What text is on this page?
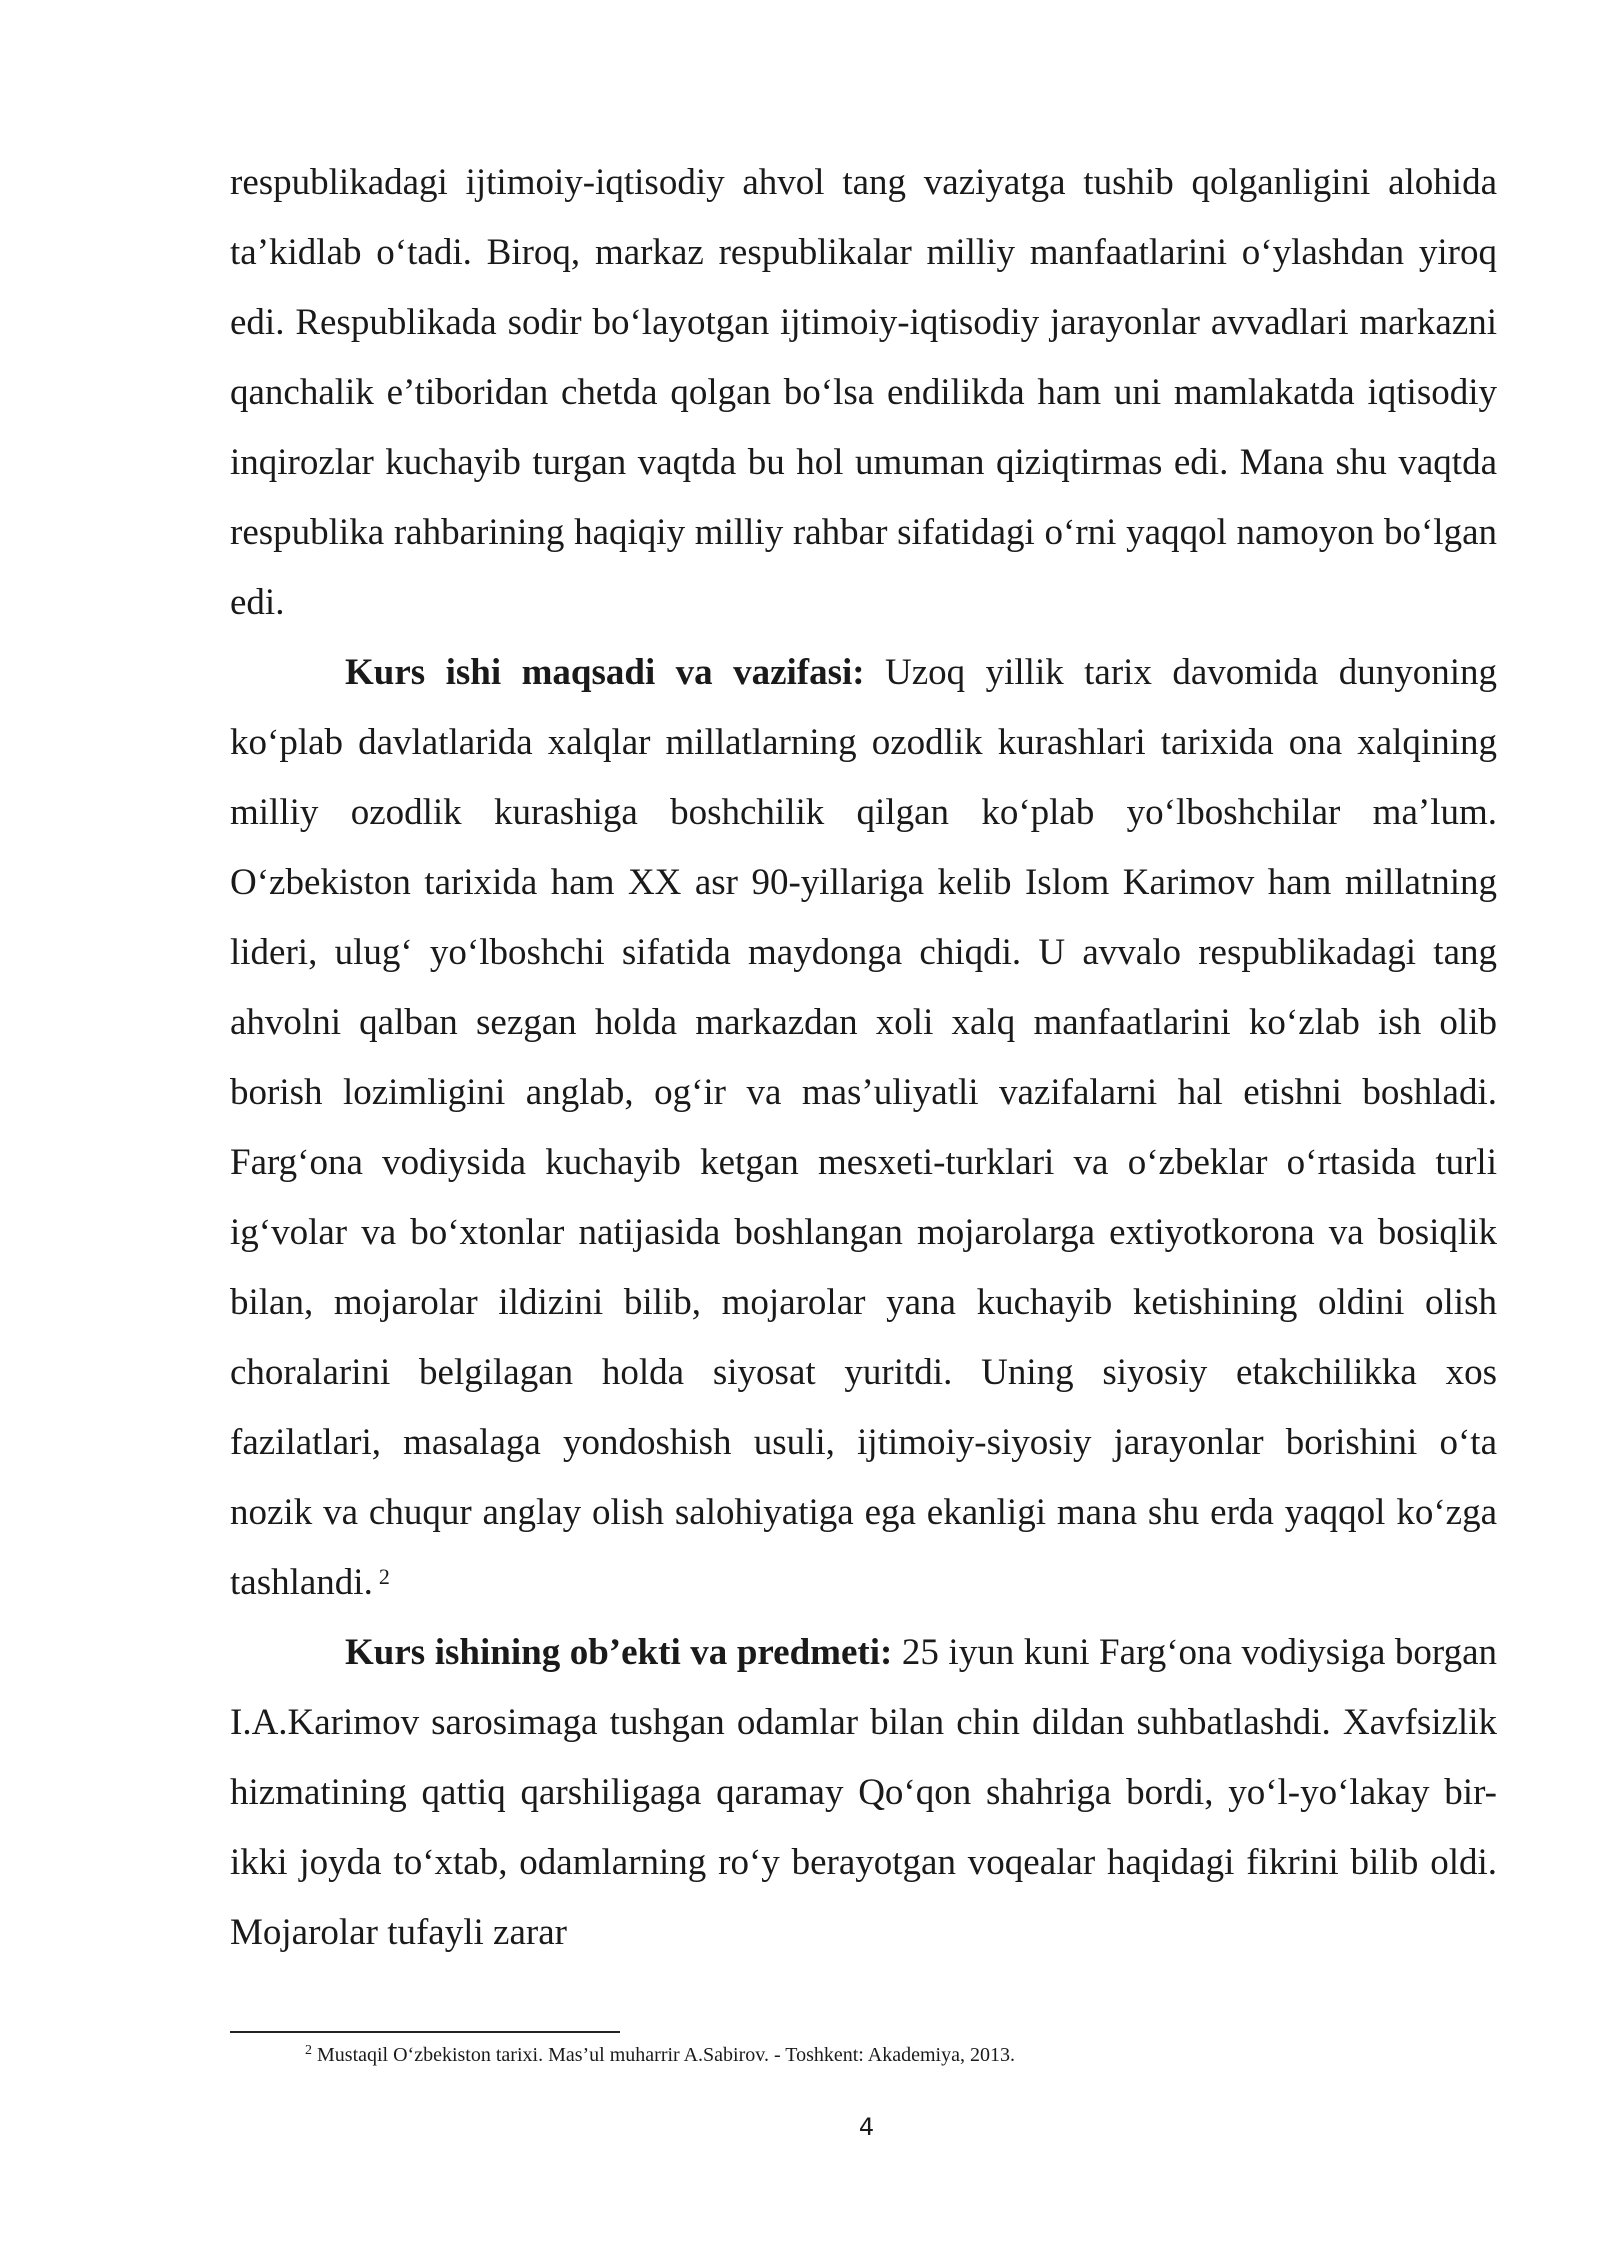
respublikadagi ijtimoiy-iqtisodiy ahvol tang vaziyatga tushib qolganligini alohida ta’kidlab o‘tadi. Biroq, markaz respublikalar milliy manfaatlarini o‘ylashdan yiroq edi. Respublikada sodir bo‘layotgan ijtimoiy-iqtisodiy jarayonlar avvadlari markazni qanchalik e’tiboridan chetda qolgan bo‘lsa endilikda ham uni mamlakatda iqtisodiy inqirozlar kuchayib turgan vaqtda bu hol umuman qiziqtirmas edi. Mana shu vaqtda respublika rahbarining haqiqiy milliy rahbar sifatidagi o‘rni yaqqol namoyon bo‘lgan edi.

Kurs ishi maqsadi va vazifasi: Uzoq yillik tarix davomida dunyoning ko‘plab davlatlarida xalqlar millatlarning ozodlik kurashlari tarixida ona xalqining milliy ozodlik kurashiga boshchilik qilgan ko‘plab yo‘lboshchilar ma’lum. O‘zbekiston tarixida ham XX asr 90-yillariga kelib Islom Karimov ham millatning lideri, ulug‘ yo‘lboshchi sifatida maydonga chiqdi. U avvalo respublikadagi tang ahvolni qalban sezgan holda markazdan xoli xalq manfaatlarini ko‘zlab ish olib borish lozimligini anglab, og‘ir va mas’uliyatli vazifalarni hal etishni boshladi. Farg‘ona vodiysida kuchayib ketgan mesxeti-turklari va o‘zbeklar o‘rtasida turli ig‘volar va bo‘xtonlar natijasida boshlangan mojarolarga extiyotkorona va bosiqlik bilan, mojarolar ildizini bilib, mojarolar yana kuchayib ketishining oldini olish choralarini belgilagan holda siyosat yuritdi. Uning siyosiy etakchilikka xos fazilatlari, masalaga yondoshish usuli, ijtimoiy-siyosiy jarayonlar borishini o‘ta nozik va chuqur anglay olish salohiyatiga ega ekanligi mana shu erda yaqqol ko‘zga tashlandi. $^2$

Kurs ishining ob’ekti va predmeti: 25 iyun kuni Farg‘ona vodiysiga borgan I.A.Karimov sarosimaga tushgan odamlar bilan chin dildan suhbatlashdi. Xavfsizlik hizmatining qattiq qarshiligaga qaramay Qo‘qon shahriga bordi, yo‘l-yo‘lakay bir-ikki joyda to‘xtab, odamlarning ro‘y berayotgan voqealar haqidagi fikrini bilib oldi. Mojarolar tufayli zarar

$^2$ Mustaqil O‘zbekiston tarixi. Mas’ul muharrir A.Sabirov. - Toshkent: Akademiya, 2013.
4
